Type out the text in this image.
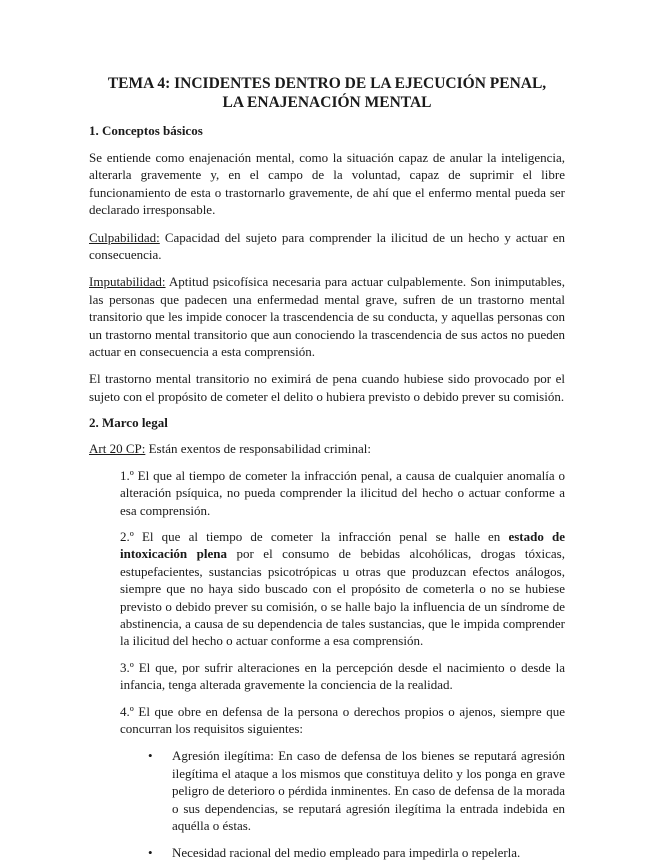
TEMA 4: INCIDENTES DENTRO DE LA EJECUCIÓN PENAL,
LA ENAJENACIÓN MENTAL
1. Conceptos básicos

Se entiende como enajenación mental, como la situación capaz de anular la inteligencia, alterarla gravemente y, en el campo de la voluntad, capaz de suprimir el libre funcionamiento de esta o trastornarlo gravemente, de ahí que el enfermo mental pueda ser declarado irresponsable.

Culpabilidad: Capacidad del sujeto para comprender la ilicitud de un hecho y actuar en consecuencia.

Imputabilidad: Aptitud psicofísica necesaria para actuar culpablemente. Son inimputables, las personas que padecen una enfermedad mental grave, sufren de un trastorno mental transitorio que les impide conocer la trascendencia de su conducta, y aquellas personas con un trastorno mental transitorio que aun conociendo la trascendencia de sus actos no pueden actuar en consecuencia a esta comprensión.

El trastorno mental transitorio no eximirá de pena cuando hubiese sido provocado por el sujeto con el propósito de cometer el delito o hubiera previsto o debido prever su comisión.

2. Marco legal

Art 20 CP: Están exentos de responsabilidad criminal:

1.º El que al tiempo de cometer la infracción penal, a causa de cualquier anomalía o alteración psíquica, no pueda comprender la ilicitud del hecho o actuar conforme a esa comprensión.

2.º El que al tiempo de cometer la infracción penal se halle en estado de intoxicación plena por el consumo de bebidas alcohólicas, drogas tóxicas, estupefacientes, sustancias psicotrópicas u otras que produzcan efectos análogos, siempre que no haya sido buscado con el propósito de cometerla o no se hubiese previsto o debido prever su comisión, o se halle bajo la influencia de un síndrome de abstinencia, a causa de su dependencia de tales sustancias, que le impida comprender la ilicitud del hecho o actuar conforme a esa comprensión.

3.º El que, por sufrir alteraciones en la percepción desde el nacimiento o desde la infancia, tenga alterada gravemente la conciencia de la realidad.

4.º El que obre en defensa de la persona o derechos propios o ajenos, siempre que concurran los requisitos siguientes:

• Agresión ilegítima: En caso de defensa de los bienes se reputará agresión ilegítima el ataque a los mismos que constituya delito y los ponga en grave peligro de deterioro o pérdida inminentes. En caso de defensa de la morada o sus dependencias, se reputará agresión ilegítima la entrada indebida en aquélla o éstas.

• Necesidad racional del medio empleado para impedirla o repelerla.
